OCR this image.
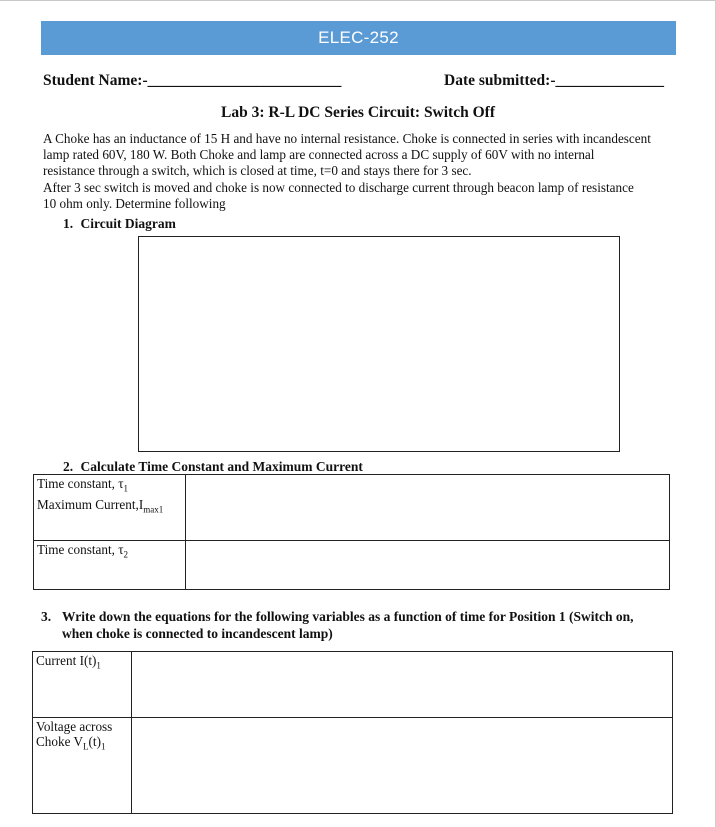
ELEC-252
Student Name:-_________________________	Date submitted:-______________
Lab 3: R-L DC Series Circuit: Switch Off
A Choke has an inductance of 15 H and have no internal resistance. Choke is connected in series with incandescent
lamp rated 60V, 180 W. Both Choke and lamp are connected across a DC supply of 60V with no internal
resistance through a switch, which is closed at time, t=0 and stays there for 3 sec.
After 3 sec switch is moved and choke is now connected to discharge current through beacon lamp of resistance
10 ohm only. Determine following
1. Circuit Diagram
2. Calculate Time Constant and Maximum Current
Time constant, $\tau_1$
Maximum $Current,I_{max1}$

Time constant, $\tau_2$

3. Write down the equations for the following variables as a function of time for Position 1 (Switch on,
when choke is connected to incandescent lamp)
Current $I(t)_1$

Voltage across
Choke $V_L(t)_1$
